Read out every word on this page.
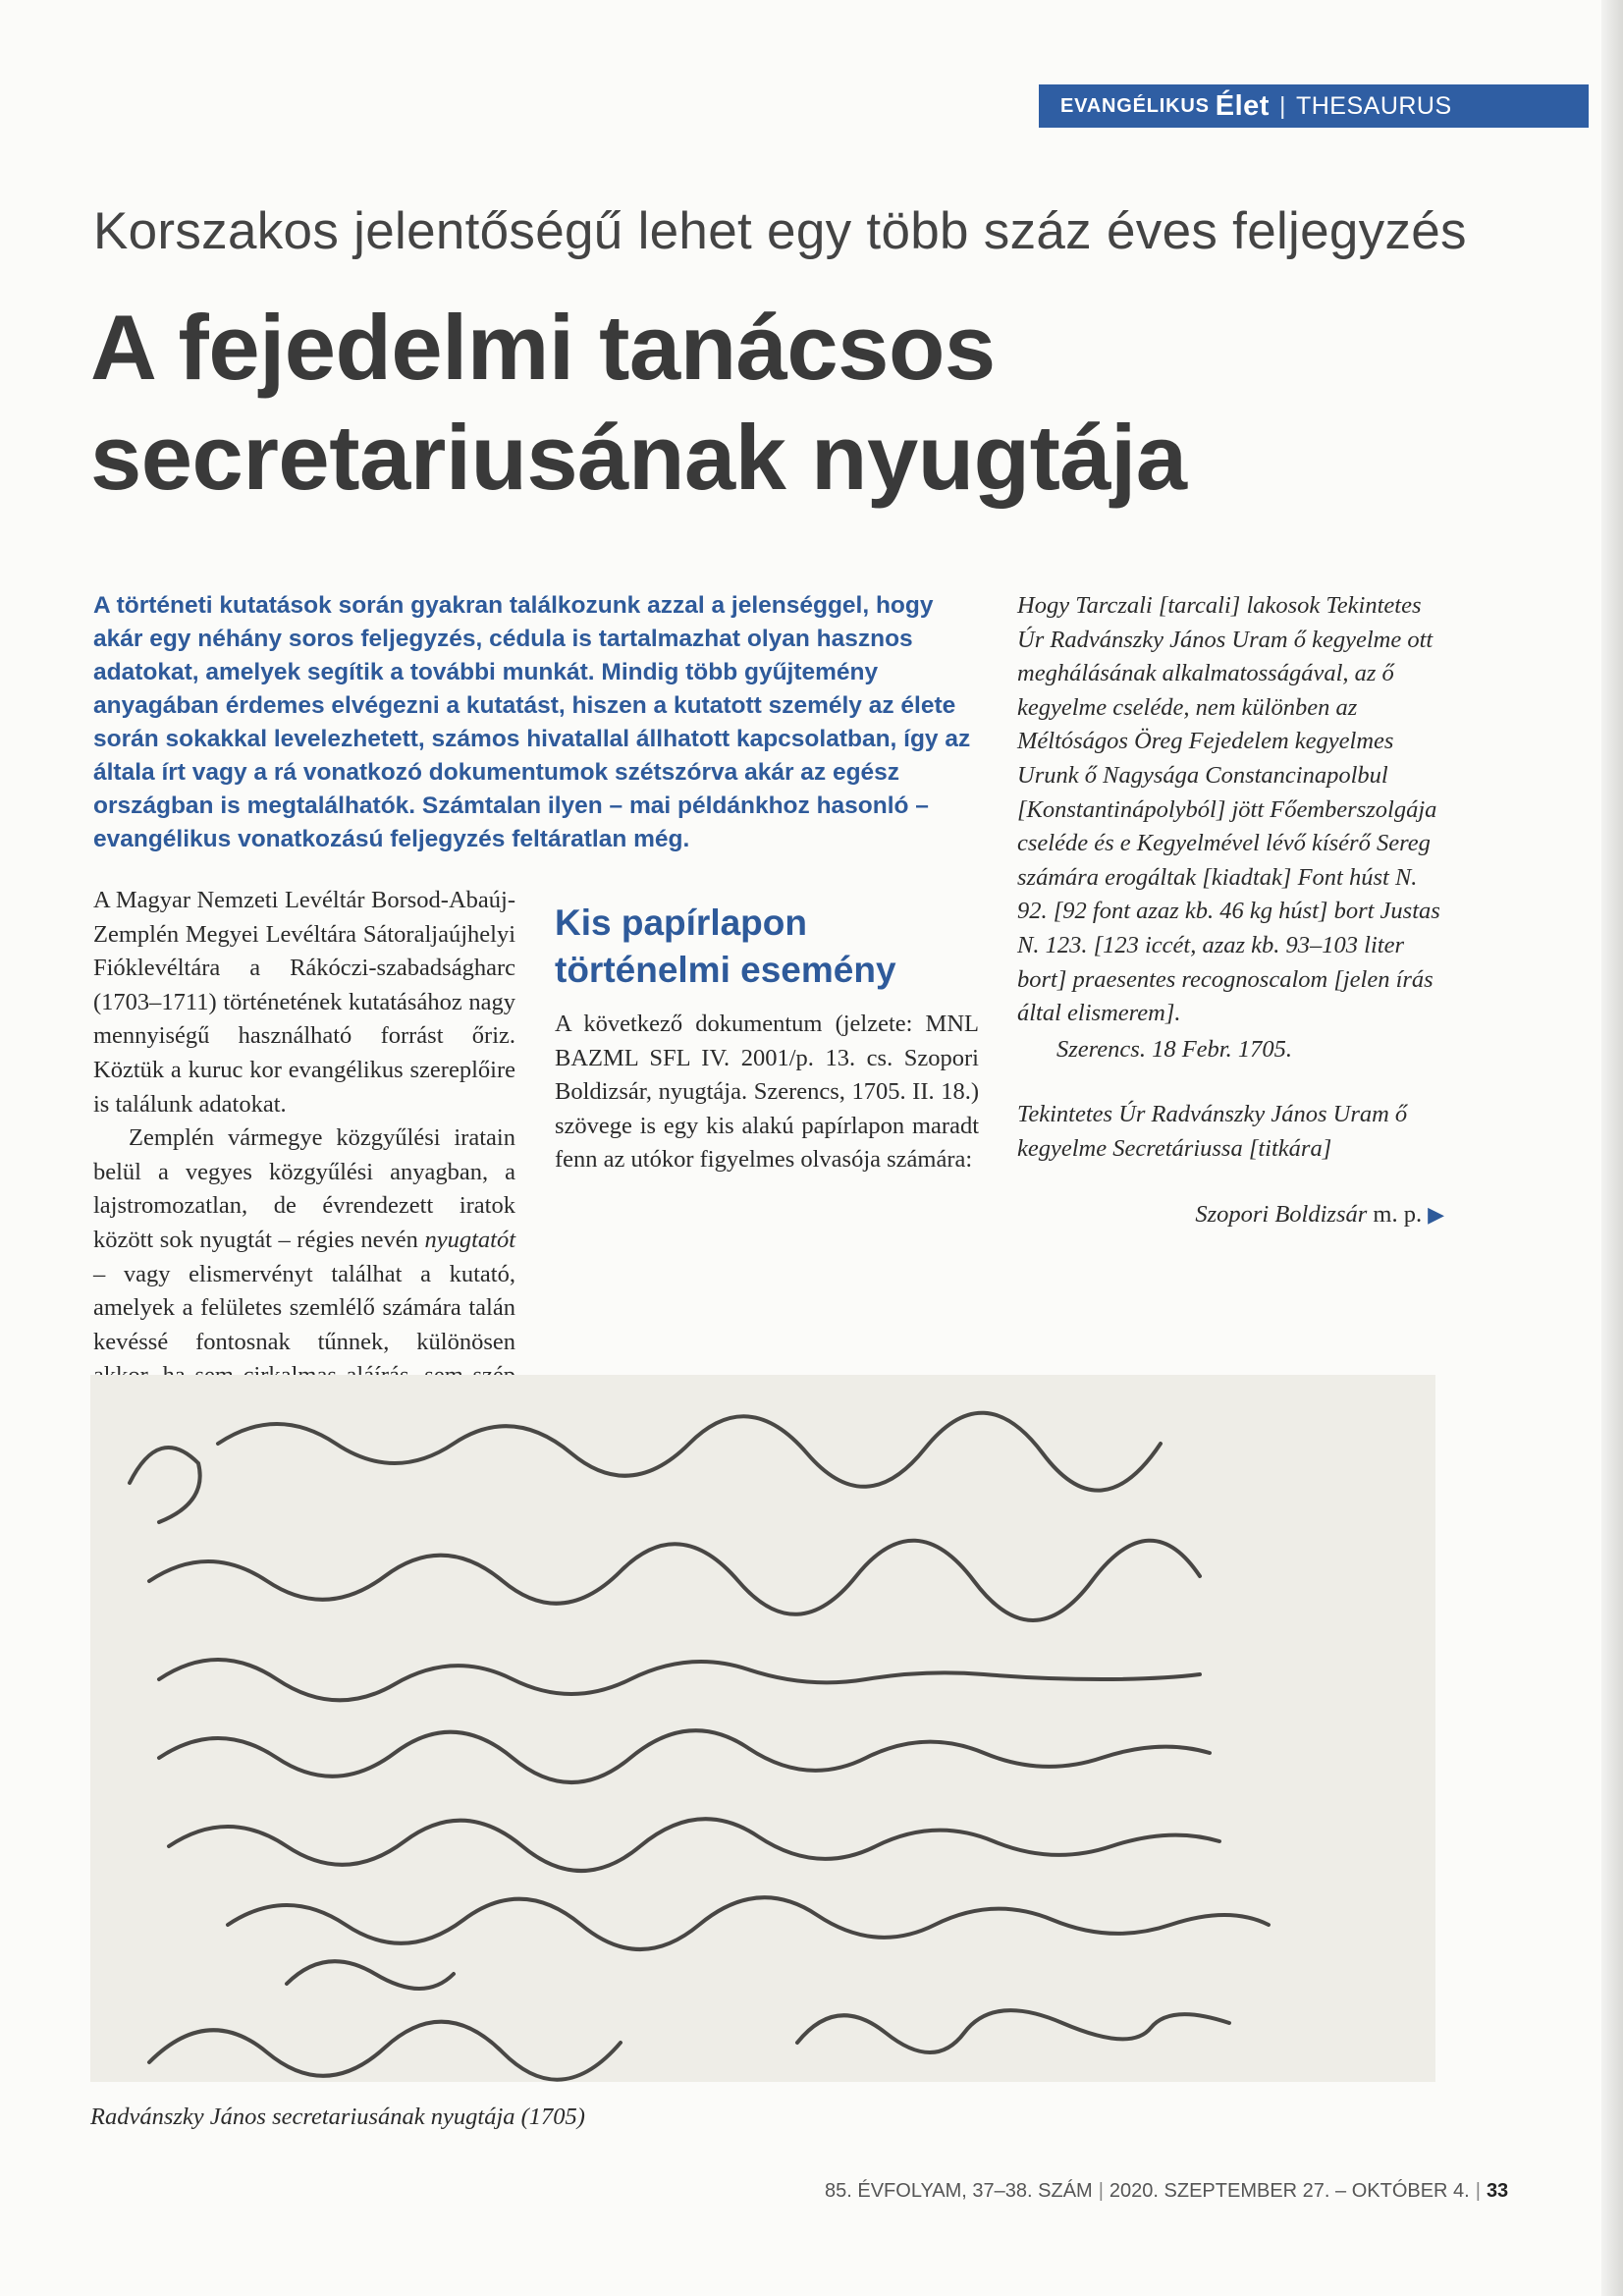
EVANGÉLIKUS Élet | THESAURUS
Korszakos jelentőségű lehet egy több száz éves feljegyzés
A fejedelmi tanácsos
secretariusának nyugtája
A történeti kutatások során gyakran találkozunk azzal a jelenséggel, hogy akár egy néhány soros feljegyzés, cédula is tartalmazhat olyan hasznos adatokat, amelyek segítik a további munkát. Mindig több gyűjtemény anyagában érdemes elvégezni a kutatást, hiszen a kutatott személy az élete során sokakkal levelezhetett, számos hivatallal állhatott kapcsolatban, így az általa írt vagy a rá vonatkozó dokumentumok szétszórva akár az egész országban is megtalálhatók. Számtalan ilyen – mai példánkhoz hasonló – evangélikus vonatkozású feljegyzés feltáratlan még.

A Magyar Nemzeti Levéltár Borsod-Abaúj-Zemplén Megyei Levéltára Sátoraljaújhelyi Fióklevéltára a Rákóczi-szabadságharc (1703–1711) történetének kutatásához nagy mennyiségű használható forrást őriz. Köztük a kuruc kor evangélikus szereplőire is találunk adatokat.

Zemplén vármegye közgyűlési iratain belül a vegyes közgyűlési anyagban, a lajstromozatlan, de évrendezett iratok között sok nyugtát – régies nevén nyugtatót – vagy elismervényt találhat a kutató, amelyek a felületes szemlélő számára talán kevéssé fontosnak tűnnek, különösen

Kis papírlapon történelmi esemény

A következő dokumentum (jelzete: MNL BAZML SFL IV. 2001/p. 13. cs. Szopori Boldizsár, nyugtája. Szerencs, 1705. II. 18.) szövege is egy kis alakú papírlapon maradt fenn az utókor figyelmes olvasója számára:

Hogy Tarczali [tarcali] lakosok Tekintetes Úr Radvánszky János Uram ő kegyelme ott meghálásának alkalmatosságával, az ő kegyelme cseléde, nem különben az Méltóságos Öreg Fejedelem kegyelmes Urunk ő Nagysága Constancinapolbul [Konstantinápolyból] jött Főemberszolgája cseléde és e Kegyelmével lévő kísérő Sereg számára erogáltak [kiadtak] Font húst N. 92. [92 font azaz kb. 46 kg húst] bort Justas N. 123. [123 iccét, azaz kb. 93–103 liter bort] praesentes recognoscalom [jelen írás által elismerem].

Szerencs. 18 Febr. 1705.

Tekintetes Úr Radvánszky János Uram ő kegyelme Secretáriussa [titkára]

Szopori Boldizsár m. p. ▶

Radvánszky János secretariusának nyugtája (1705)
85. ÉVFOLYAM, 37–38. SZÁM | 2020. SZEPTEMBER 27. – OKTÓBER 4. | 33
